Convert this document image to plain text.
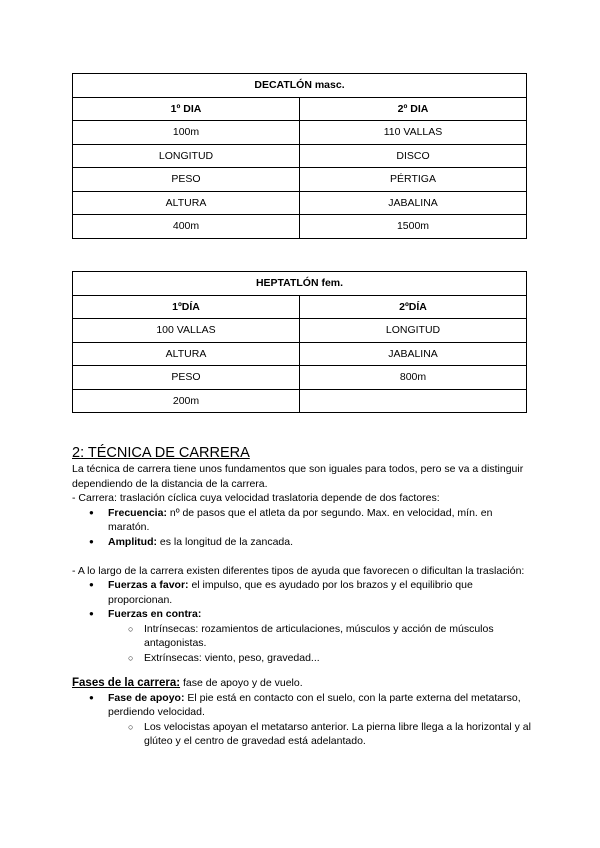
DECATLÓN masc.	
1º DIA	2º DIA
100m	110 VALLAS
LONGITUD	DISCO
PESO	PÉRTIGA
ALTURA	JABALINA
400m	1500m
HEPTATLÓN fem.	
1ºDÍA	2ºDÍA
100 VALLAS	LONGITUD
ALTURA	JABALINA
PESO	800m
200m	
2: TÉCNICA DE CARRERA

La técnica de carrera tiene unos fundamentos que son iguales para todos, pero se va a distinguir dependiendo de la distancia de la carrera.

- Carrera: traslación cíclica cuya velocidad traslatoria depende de dos factores:

● Frecuencia: nº de pasos que el atleta da por segundo. Max. en velocidad, mín. en maratón.
● Amplitud: es la longitud de la zancada.

- A lo largo de la carrera existen diferentes tipos de ayuda que favorecen o dificultan la traslación:

● Fuerzas a favor: el impulso, que es ayudado por los brazos y el equilibrio que proporcionan.
● Fuerzas en contra:
○ Intrínsecas: rozamientos de articulaciones, músculos y acción de músculos antagonistas.
○ Extrínsecas: viento, peso, gravedad...

Fases de la carrera: fase de apoyo y de vuelo.

● Fase de apoyo: El pie está en contacto con el suelo, con la parte externa del metatarso, perdiendo velocidad.
○ Los velocistas apoyan el metatarso anterior. La pierna libre llega a la horizontal y al glúteo y el centro de gravedad está adelantado.
